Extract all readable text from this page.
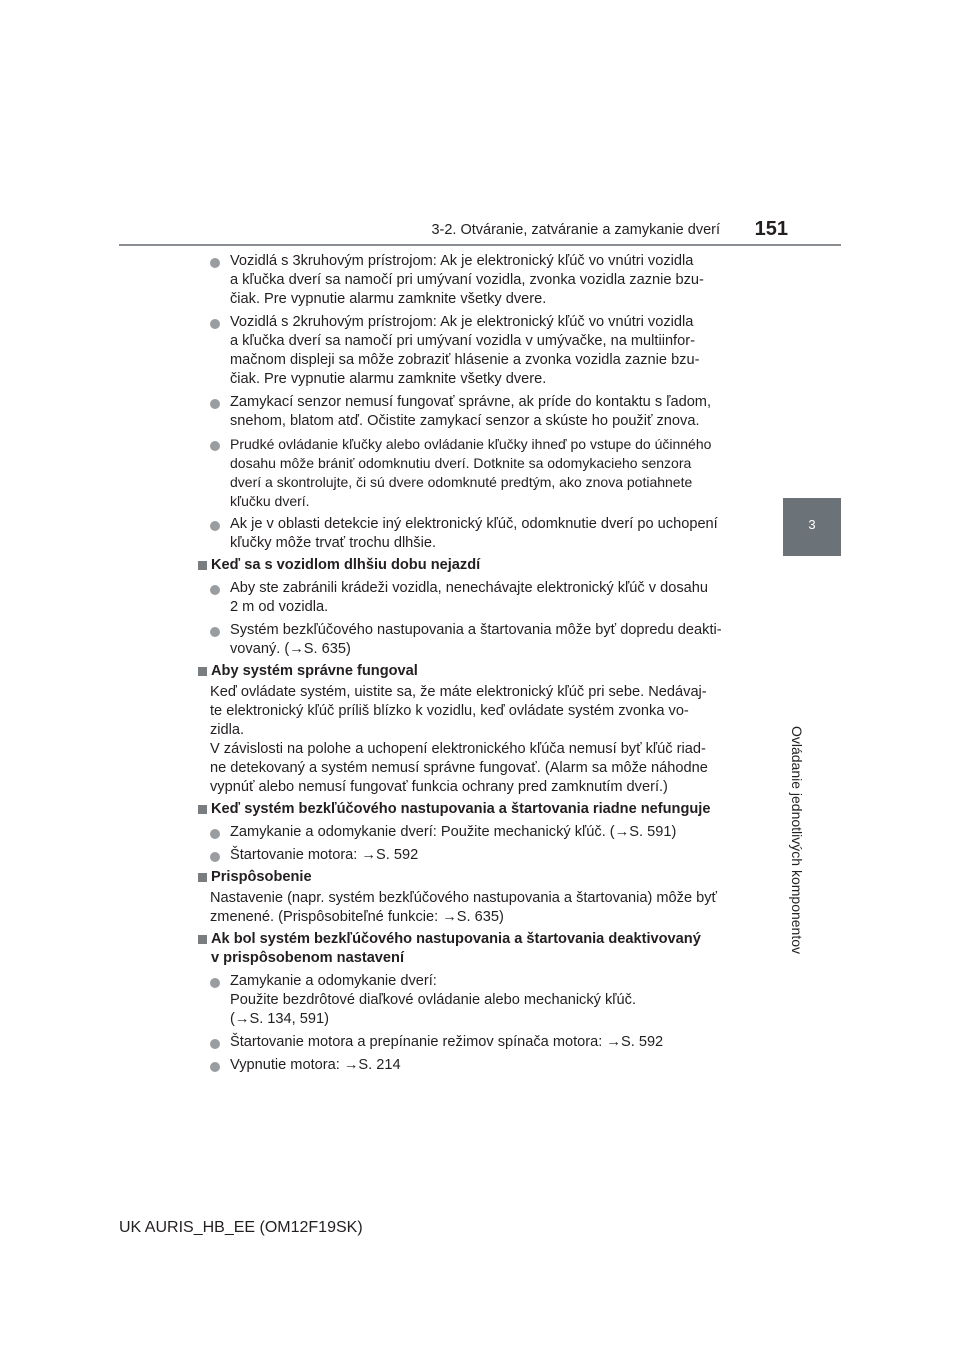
3-2. Otváranie, zatváranie a zamykanie dverí	151
3
Ovládanie jednotlivých komponentov
Vozidlá s 3kruhovým prístrojom: Ak je elektronický kľúč vo vnútri vozidla
a kľučka dverí sa namočí pri umývaní vozidla, zvonka vozidla zaznie bzu-
čiak. Pre vypnutie alarmu zamknite všetky dvere.
Vozidlá s 2kruhovým prístrojom: Ak je elektronický kľúč vo vnútri vozidla
a kľučka dverí sa namočí pri umývaní vozidla v umývačke, na multiinfor-
mačnom displeji sa môže zobraziť hlásenie a zvonka vozidla zaznie bzu-
čiak. Pre vypnutie alarmu zamknite všetky dvere.
Zamykací senzor nemusí fungovať správne, ak príde do kontaktu s ľadom,
snehom, blatom atď. Očistite zamykací senzor a skúste ho použiť znova.
Prudké ovládanie kľučky alebo ovládanie kľučky ihneď po vstupe do účinného
dosahu môže brániť odomknutiu dverí. Dotknite sa odomykacieho senzora
dverí a skontrolujte, či sú dvere odomknuté predtým, ako znova potiahnete
kľučku dverí.
Ak je v oblasti detekcie iný elektronický kľúč, odomknutie dverí po uchopení
kľučky môže trvať trochu dlhšie.
Keď sa s vozidlom dlhšiu dobu nejazdí
Aby ste zabránili krádeži vozidla, nenechávajte elektronický kľúč v dosahu
2 m od vozidla.
Systém bezkľúčového nastupovania a štartovania môže byť dopredu deakti-
vovaný. (→S. 635)
Aby systém správne fungoval
Keď ovládate systém, uistite sa, že máte elektronický kľúč pri sebe. Nedávaj-
te elektronický kľúč príliš blízko k vozidlu, keď ovládate systém zvonka vo-
zidla.
V závislosti na polohe a uchopení elektronického kľúča nemusí byť kľúč riad-
ne detekovaný a systém nemusí správne fungovať. (Alarm sa môže náhodne
vypnúť alebo nemusí fungovať funkcia ochrany pred zamknutím dverí.)
Keď systém bezkľúčového nastupovania a štartovania riadne nefunguje
Zamykanie a odomykanie dverí: Použite mechanický kľúč. (→S. 591)
Štartovanie motora: →S. 592
Prispôsobenie
Nastavenie (napr. systém bezkľúčového nastupovania a štartovania) môže byť
zmenené. (Prispôsobiteľné funkcie: →S. 635)
Ak bol systém bezkľúčového nastupovania a štartovania deaktivovaný
v prispôsobenom nastavení
Zamykanie a odomykanie dverí:
Použite bezdrôtové diaľkové ovládanie alebo mechanický kľúč.
(→S. 134, 591)
Štartovanie motora a prepínanie režimov spínača motora: →S. 592
Vypnutie motora: →S. 214
UK AURIS_HB_EE (OM12F19SK)
